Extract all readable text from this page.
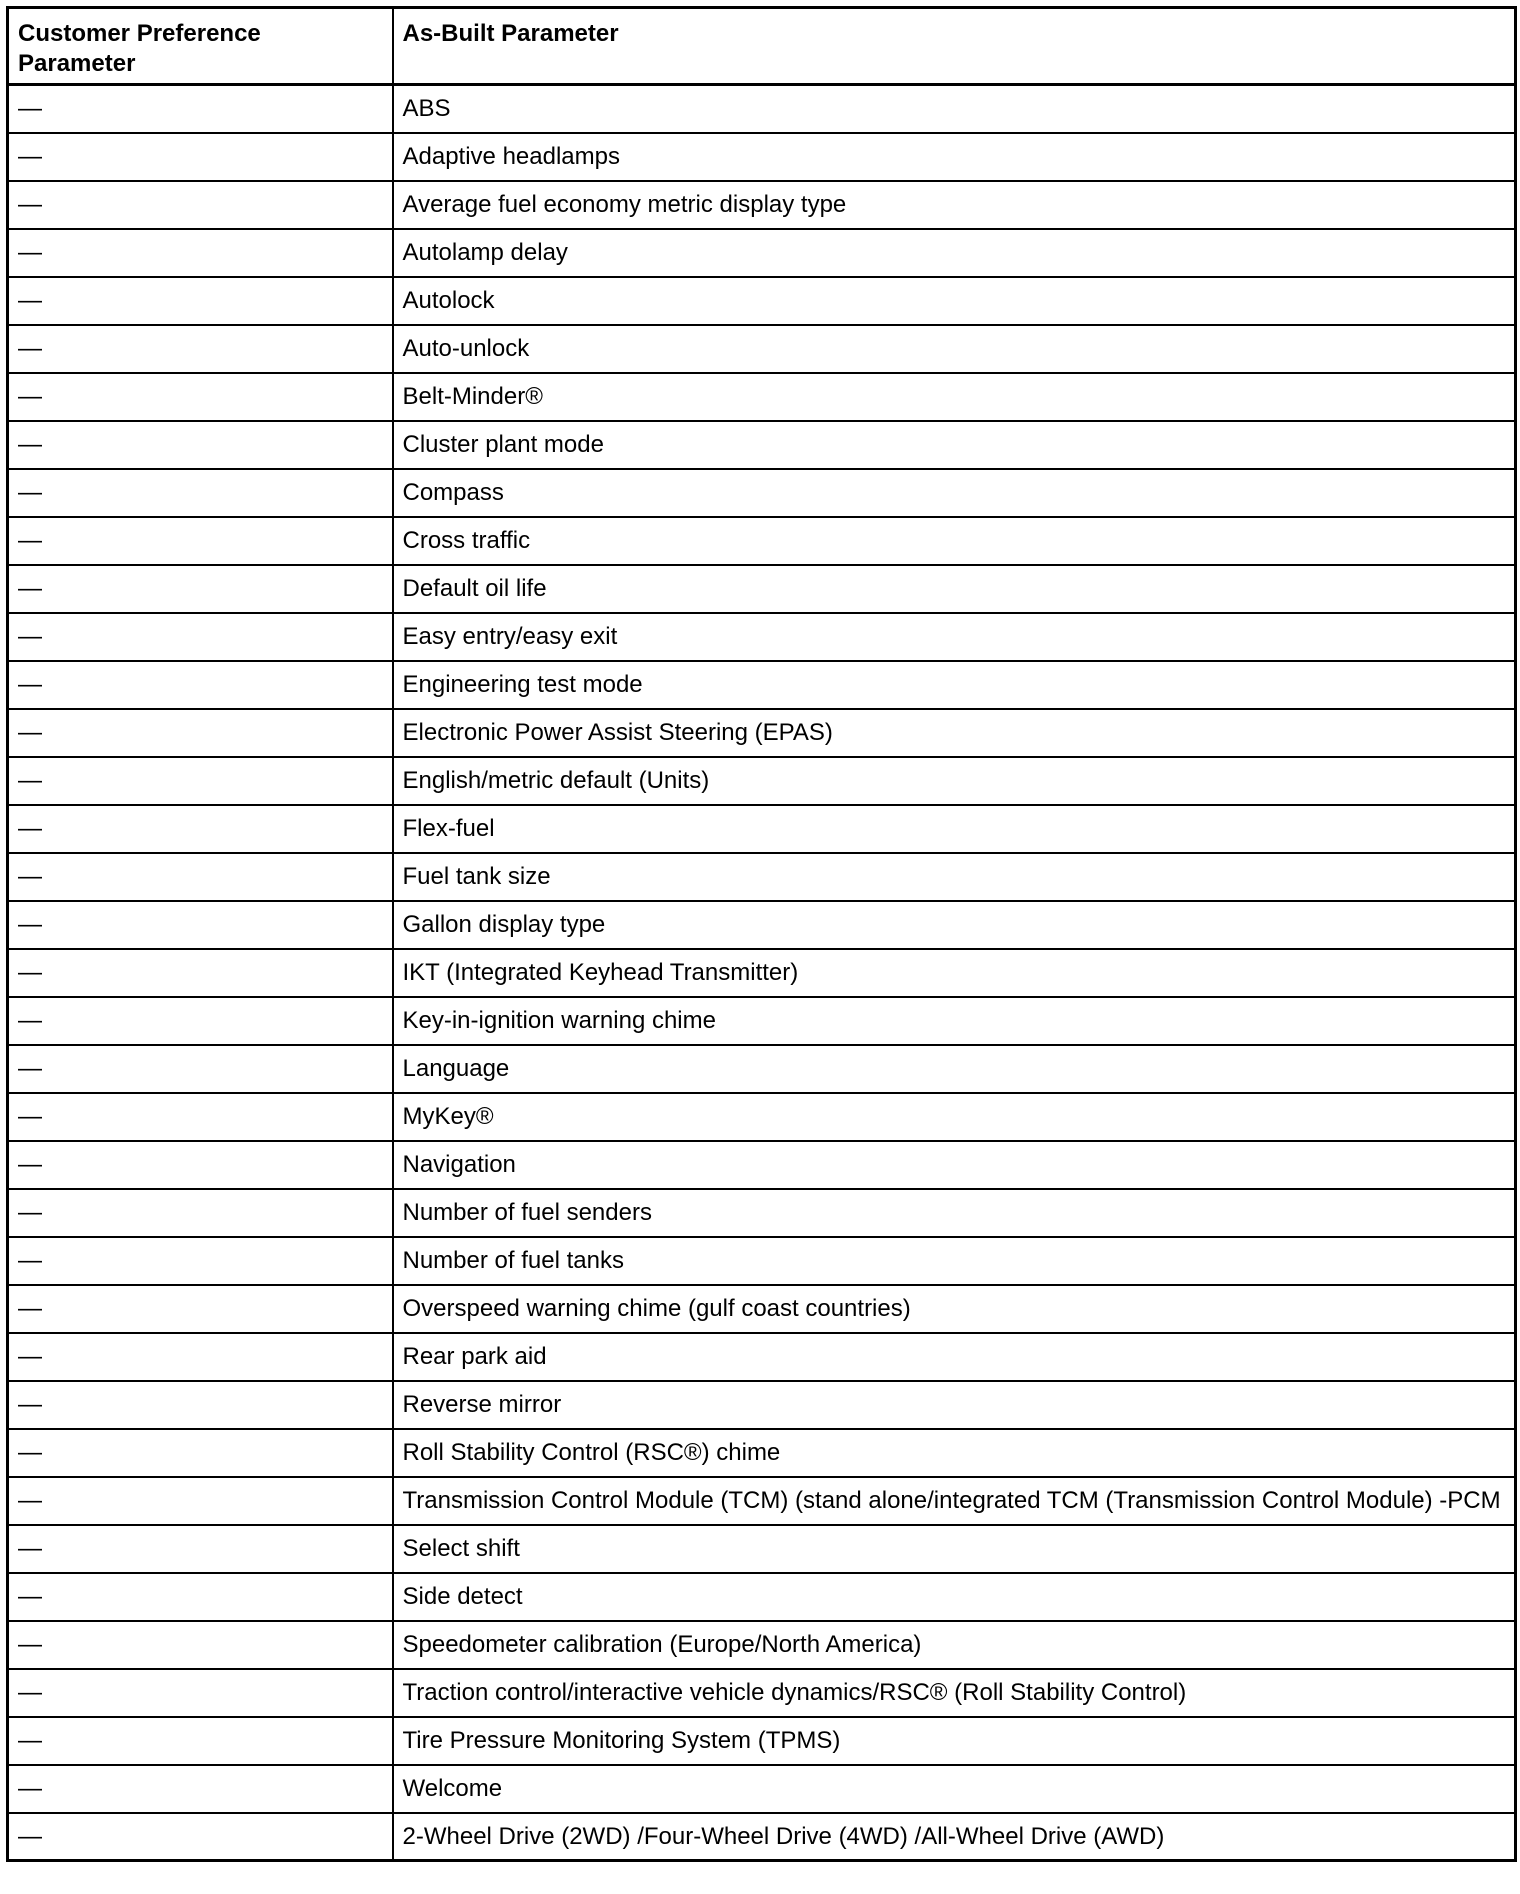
Customer Preference Parameter	As-Built Parameter
—	ABS
—	Adaptive headlamps
—	Average fuel economy metric display type
—	Autolamp delay
—	Autolock
—	Auto-unlock
—	Belt-Minder®
—	Cluster plant mode
—	Compass
—	Cross traffic
—	Default oil life
—	Easy entry/easy exit
—	Engineering test mode
—	Electronic Power Assist Steering (EPAS)
—	English/metric default (Units)
—	Flex-fuel
—	Fuel tank size
—	Gallon display type
—	IKT (Integrated Keyhead Transmitter)
—	Key-in-ignition warning chime
—	Language
—	MyKey®
—	Navigation
—	Number of fuel senders
—	Number of fuel tanks
—	Overspeed warning chime (gulf coast countries)
—	Rear park aid
—	Reverse mirror
—	Roll Stability Control (RSC®) chime
—	Transmission Control Module (TCM) (stand alone/integrated TCM (Transmission Control Module) -PCM
—	Select shift
—	Side detect
—	Speedometer calibration (Europe/North America)
—	Traction control/interactive vehicle dynamics/RSC® (Roll Stability Control)
—	Tire Pressure Monitoring System (TPMS)
—	Welcome
—	2-Wheel Drive (2WD) /Four-Wheel Drive (4WD) /All-Wheel Drive (AWD)
